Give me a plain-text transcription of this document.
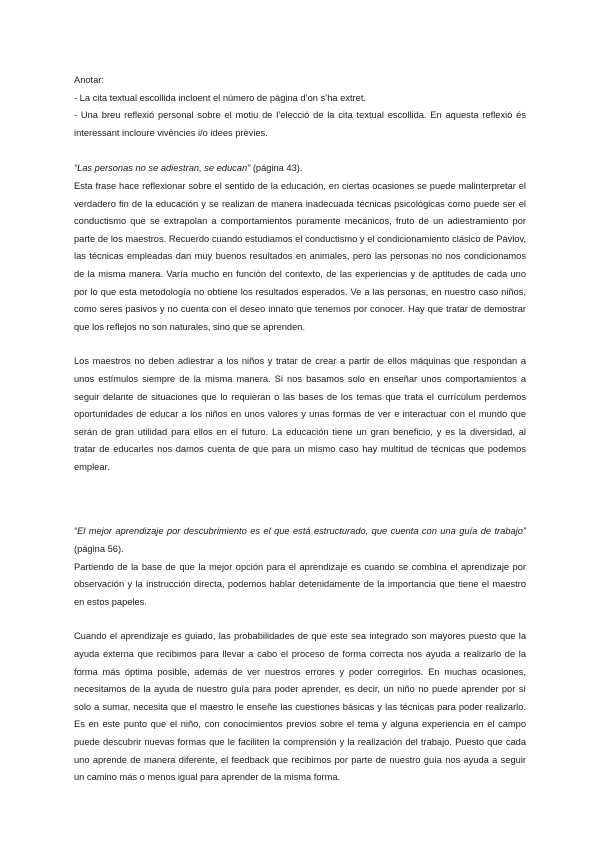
Anotar:
- La cita textual escollida incloent el número de pàgina d’on s’ha extret.

- Una breu reflexió personal sobre el motiu de l’elecció de la cita textual escollida. En aquesta reflexió és interessant incloure vivències i/o idees prèvies.

“Las personas no se adiestran, se educan” (página 43).

Esta frase hace reflexionar sobre el sentido de la educación, en ciertas ocasiones se puede malinterpretar el verdadero fin de la educación y se realizan de manera inadecuada técnicas psicológicas como puede ser el conductismo que se extrapolan a comportamientos puramente mecánicos, fruto de un adiestramiento por parte de los maestros. Recuerdo cuando estudiamos el conductismo y el condicionamiento clásico de Pávlov, las técnicas empleadas dan muy buenos resultados en animales, pero las personas no nos condicionamos de la misma manera. Varía mucho en función del contexto, de las experiencias y de aptitudes de cada uno por lo que esta metodología no obtiene los resultados esperados. Ve a las personas, en nuestro caso niños, como seres pasivos y no cuenta con el deseo innato que tenemos por conocer. Hay que tratar de demostrar que los reflejos no son naturales, sino que se aprenden.

Los maestros no deben adiestrar a los niños y tratar de crear a partir de ellos máquinas que respondan a unos estímulos siempre de la misma manera. Si nos basamos solo en enseñar unos comportamientos a seguir delante de situaciones que lo requieran o las bases de los temas que trata el currículum perdemos oportunidades de educar a los niños en unos valores y unas formas de ver e interactuar con el mundo que serán de gran utilidad para ellos en el futuro. La educación tiene un gran beneficio, y es la diversidad, al tratar de educarles nos damos cuenta de que para un mismo caso hay multitud de técnicas que podemos emplear.

“El mejor aprendizaje por descubrimiento es el que está estructurado, que cuenta con una guía de trabajo” (página 56).

Partiendo de la base de que la mejor opción para el aprendizaje es cuando se combina el aprendizaje por observación y la instrucción directa, podemos hablar detenidamente de la importancia que tiene el maestro en estos papeles.

Cuando el aprendizaje es guiado, las probabilidades de que este sea integrado son mayores puesto que la ayuda externa que recibimos para llevar a cabo el proceso de forma correcta nos ayuda a realizarlo de la forma más óptima posible, además de ver nuestros errores y poder corregirlos. En muchas ocasiones, necesitamos de la ayuda de nuestro guía para poder aprender, es decir, un niño no puede aprender por sí solo a sumar, necesita que el maestro le enseñe las cuestiones básicas y las técnicas para poder realizarlo. Es en este punto que el niño, con conocimientos previos sobre el tema y alguna experiencia en el campo puede descubrir nuevas formas que le faciliten la comprensión y la realización del trabajo. Puesto que cada uno aprende de manera diferente, el feedback que recibimos por parte de nuestro guía nos ayuda a seguir un camino más o menos igual para aprender de la misma forma.
